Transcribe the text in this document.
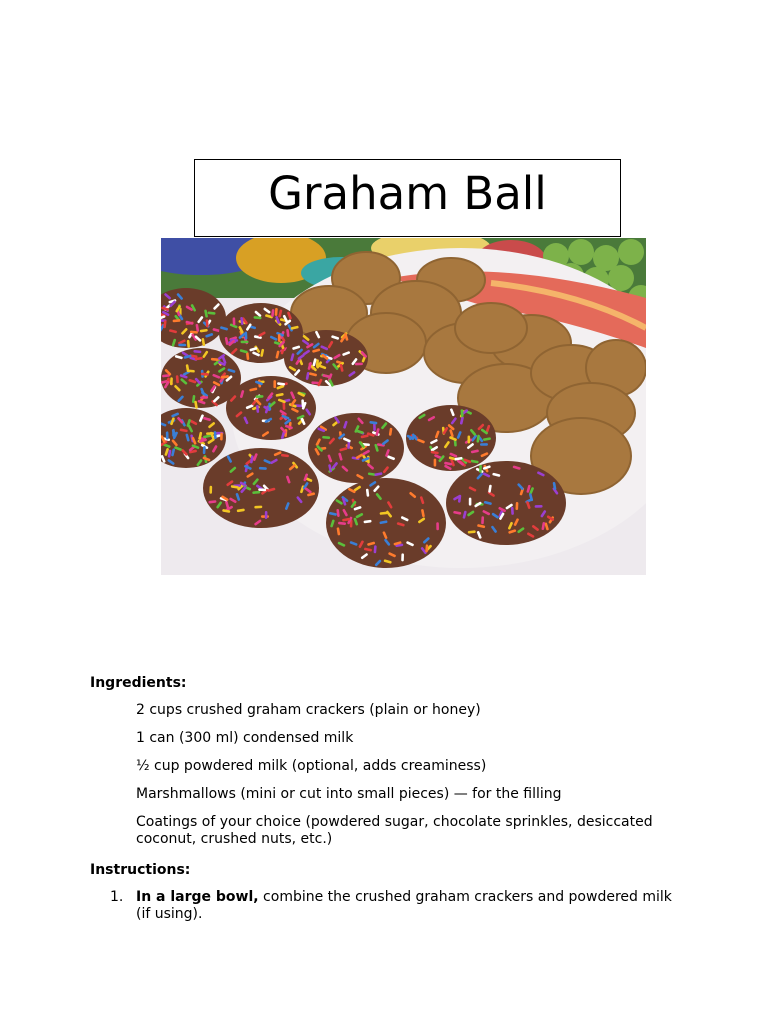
Graham Ball
Ingredients:
2 cups crushed graham crackers (plain or honey)
1 can (300 ml) condensed milk
½ cup powdered milk (optional, adds creaminess)
Marshmallows (mini or cut into small pieces) — for the filling
Coatings of your choice (powdered sugar, chocolate sprinkles, desiccated coconut, crushed nuts, etc.)
Instructions:
1. In a large bowl, combine the crushed graham crackers and powdered milk (if using).
